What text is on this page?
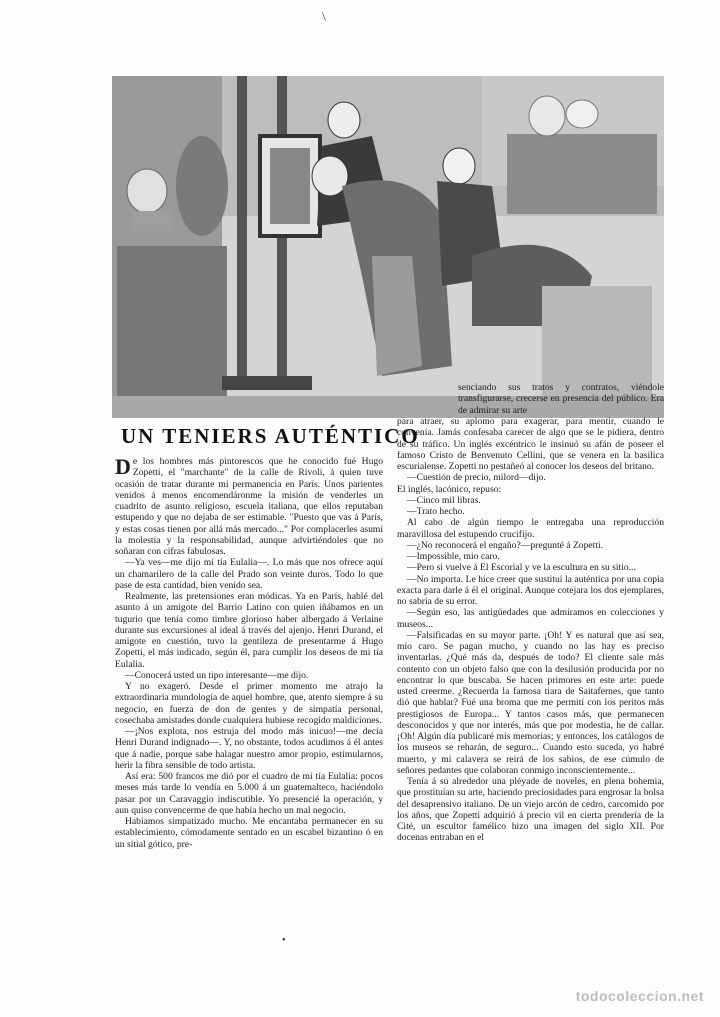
\

senciando sus tratos y contratos, viéndole transfigurarse, crecerse en presencia del público. Era de admirar su arte

UN TENIERS AUTÉNTICO

De los hombres más pintorescos que he conocido fué Hugo Zopetti, el "marchante" de la calle de Rívoli, á quien tuve ocasión de tratar durante mi permanencia en París. Unos parientes venidos á menos encomendáronme la misión de venderles un cuadrito de asunto religioso, escuela italiana, que ellos reputaban estupendo y que no dejaba de ser estimable. "Puesto que vas á París, y estas cosas tienen por allá más mercado..." Por complacerles asumí la molestia y la responsabilidad, aunque advirtiéndoles que no soñaran con cifras fabulosas.

—Ya ves—me dijo mi tía Eulalia—. Lo más que nos ofrece aquí un chamarilero de la calle del Prado son veinte duros. Todo lo que pase de esta cantidad, bien venido sea.

Realmente, las pretensiones eran módicas. Ya en París, hablé del asunto á un amigote del Barrio Latino con quien iñábamos en un tugurio que tenía como timbre glorioso haber albergado á Verlaine durante sus excursiones al ideal á través del ajenjo. Henri Durand, el amigote en cuestión, tuvo la gentileza de presentarme á Hugo Zopetti, el más indicado, según él, para cumplir los deseos de mi tía Eulalia.

—Conocerá usted un tipo interesante—me dijo.

Y no exageró. Desde el primer momento me atrajo la extraordinaria mundología de aquel hombre, que, atento siempre á su negocio, en fuerza de don de gentes y de simpatía personal, cosechaba amistades donde cualquiera hubiese recogido maldiciones.

—¡Nos explota, nos estruja del modo más inicuo!—me decía Henri Durand indignado—. Y, no obstante, todos acudimos á él antes que á nadie, porque sabe halagar nuestro amor propio, estimularnos, herir la fibra sensible de todo artista.

Así era: 500 francos me dió por el cuadro de mi tía Eulalia: pocos meses más tarde lo vendía en 5.000 á un guatemalteco, haciéndolo pasar por un Caravaggio indiscutible. Yo presencié la operación, y aun quiso convencerme de que había hecho un mal negocio.

Habíamos simpatizado mucho. Me encantaba permanecer en su establecimiento, cómodamente sentado en un escabel bizantino ó en un sitial gótico, pre-

para atraer, su aplomo para exagerar, para mentir, cuando le convenía. Jamás confesaba carecer de algo que se le pidiera, dentro de su tráfico. Un inglés excéntrico le insinuó su afán de poseer el famoso Cristo de Benvenuto Cellini, que se venera en la basílica escurialense. Zopetti no pestañeó al conocer los deseos del britano.

—Cuestión de precio, milord—dijo.

El inglés, lacónico, repuso:

—Cinco mil libras.

—Trato hecho.

Al cabo de algún tiempo le entregaba una reproducción maravillosa del estupendo crucifijo.

—¿No reconocerá el engaño?—pregunté á Zopetti.

—Impossible, mio caro.

—Pero si vuelve á El Escorial y ve la escultura en su sitio...

—No importa. Le hice creer que sustituí la auténtica por una copia exacta para darle á él el original. Aunque cotejara los dos ejemplares, no sabría de su error.

—Según eso, las antigüedades que admiramos en colecciones y museos...

—Falsificadas en su mayor parte. ¡Oh! Y es natural que así sea, mio caro. Se pagan mucho, y cuando no las hay es preciso inventarlas. ¿Qué más da, después de todo? El cliente sale más contento con un objeto falso que con la desilusión producida por no encontrar lo que buscaba. Se hacen primores en este arte: puede usted creerme. ¿Recuerda la famosa tiara de Saitafernes, que tanto dió que hablar? Fué una broma que me permití con los peritos más prestigiosos de Europa... Y tantos casos más, que permanecen desconocidos y que nor interés, más que por modestia, he de callar. ¡Oh! Algún día publicaré mis memorias; y entonces, los catálogos de los museos se reharán, de seguro... Cuando esto suceda, yo habré muerto, y mi calavera se reirá de los sabios, de ese cúmulo de señores pedantes que colaboran conmigo inconscientemente...

Tenía á su alrededor una pléyade de noveles, en plena bohemia, que prostituían su arte, haciendo preciosidades para engrosar la bolsa del desaprensivo italiano. De un viejo arcón de cedro, carcomido por los años, que Zopetti adquirió á precio vil en cierta prendería de la Cité, un escultor famélico hizo una imagen del siglo XII. Por docenas entraban en el

•
todocoleccion.net
